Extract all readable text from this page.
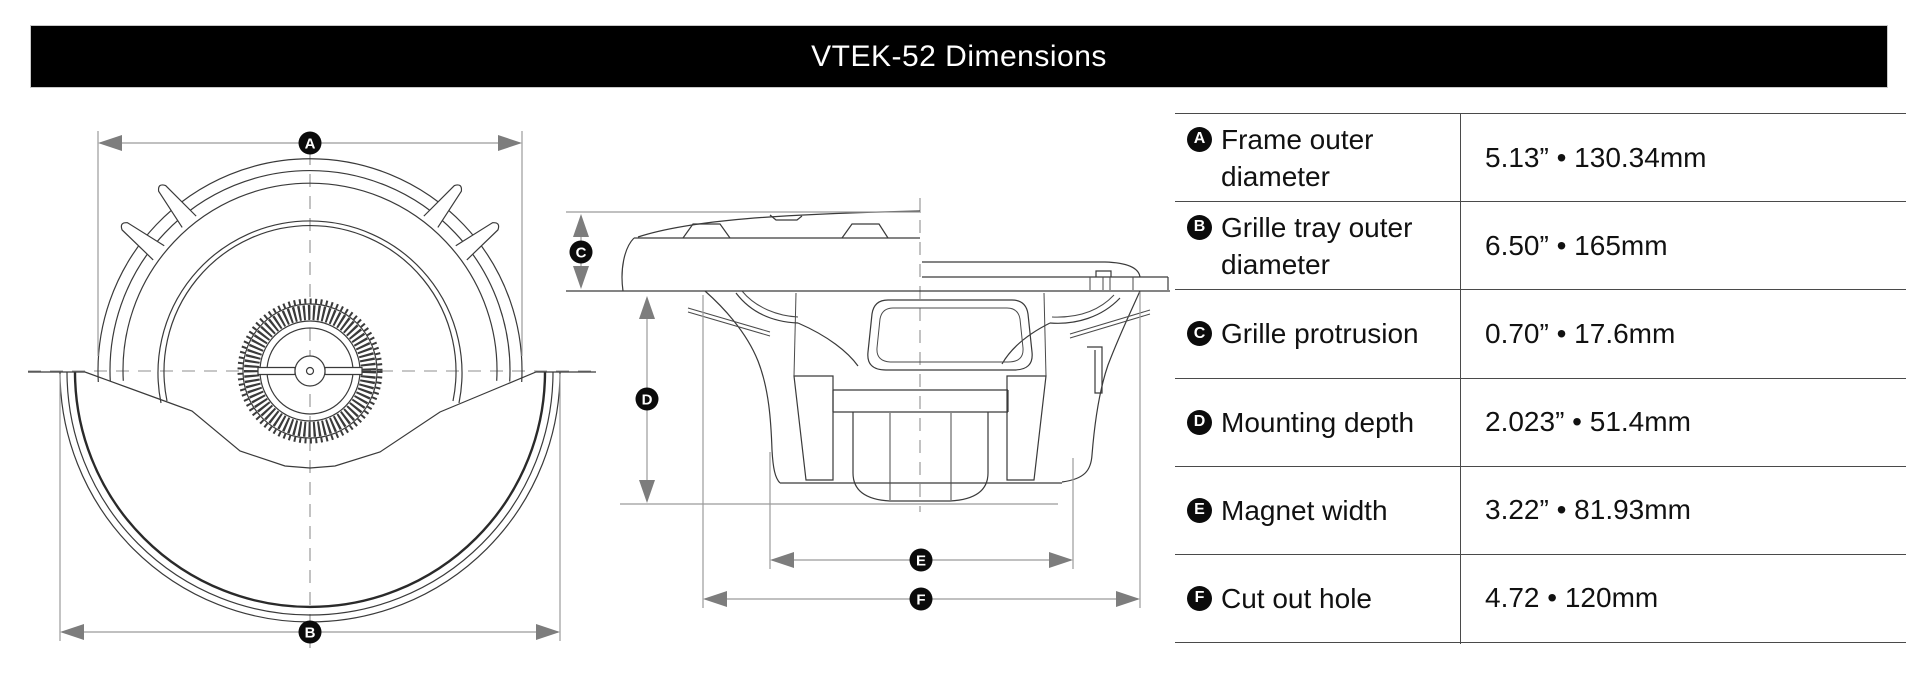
VTEK-52 Dimensions
A
B
C
D
E
F
A Frame outer
diameter
5.13” • 130.34mm
B Grille tray outer
diameter
6.50” • 165mm
C Grille protrusion	0.70” • 17.6mm
D Mounting depth	2.023” • 51.4mm
E Magnet width	3.22” • 81.93mm
F Cut out hole	4.72 • 120mm
